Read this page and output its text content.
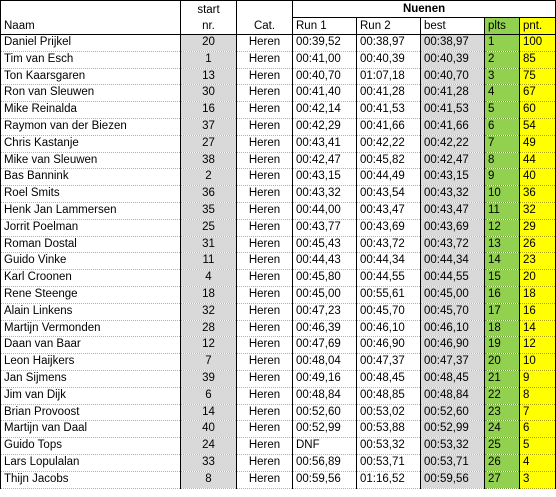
Naam	start		Nuenen				
	nr.	Cat.	Run 1	Run 2	best	plts	pnt.
Daniel Prijkel	20	Heren	00:39,52	00:38,97	00:38,97	1	100
Tim van Esch	1	Heren	00:41,00	00:40,39	00:40,39	2	85
Ton Kaarsgaren	13	Heren	00:40,70	01:07,18	00:40,70	3	75
Ron van Sleuwen	30	Heren	00:41,40	00:41,28	00:41,28	4	67
Mike Reinalda	16	Heren	00:42,14	00:41,53	00:41,53	5	60
Raymon van der Biezen	37	Heren	00:42,29	00:41,66	00:41,66	6	54
Chris Kastanje	27	Heren	00:43,41	00:42,22	00:42,22	7	49
Mike van Sleuwen	38	Heren	00:42,47	00:45,82	00:42,47	8	44
Bas Bannink	2	Heren	00:43,15	00:44,49	00:43,15	9	40
Roel Smits	36	Heren	00:43,32	00:43,54	00:43,32	10	36
Henk Jan Lammersen	35	Heren	00:44,00	00:43,47	00:43,47	11	32
Jorrit Poelman	25	Heren	00:43,77	00:43,69	00:43,69	12	29
Roman Dostal	31	Heren	00:45,43	00:43,72	00:43,72	13	26
Guido Vinke	11	Heren	00:44,43	00:44,34	00:44,34	14	23
Karl Croonen	4	Heren	00:45,80	00:44,55	00:44,55	15	20
Rene Steenge	18	Heren	00:45,00	00:55,61	00:45,00	16	18
Alain Linkens	32	Heren	00:47,23	00:45,70	00:45,70	17	16
Martijn Vermonden	28	Heren	00:46,39	00:46,10	00:46,10	18	14
Daan van Baar	12	Heren	00:47,69	00:46,90	00:46,90	19	12
Leon Haijkers	7	Heren	00:48,04	00:47,37	00:47,37	20	10
Jan Sijmens	39	Heren	00:49,16	00:48,45	00:48,45	21	9
Jim van Dijk	6	Heren	00:48,84	00:48,85	00:48,84	22	8
Brian Provoost	14	Heren	00:52,60	00:53,02	00:52,60	23	7
Martijn van Daal	40	Heren	00:52,99	00:53,88	00:52,99	24	6
Guido Tops	24	Heren	DNF	00:53,32	00:53,32	25	5
Lars Lopulalan	33	Heren	00:56,89	00:53,71	00:53,71	26	4
Thijn Jacobs	8	Heren	00:59,56	01:16,52	00:59,56	27	3
